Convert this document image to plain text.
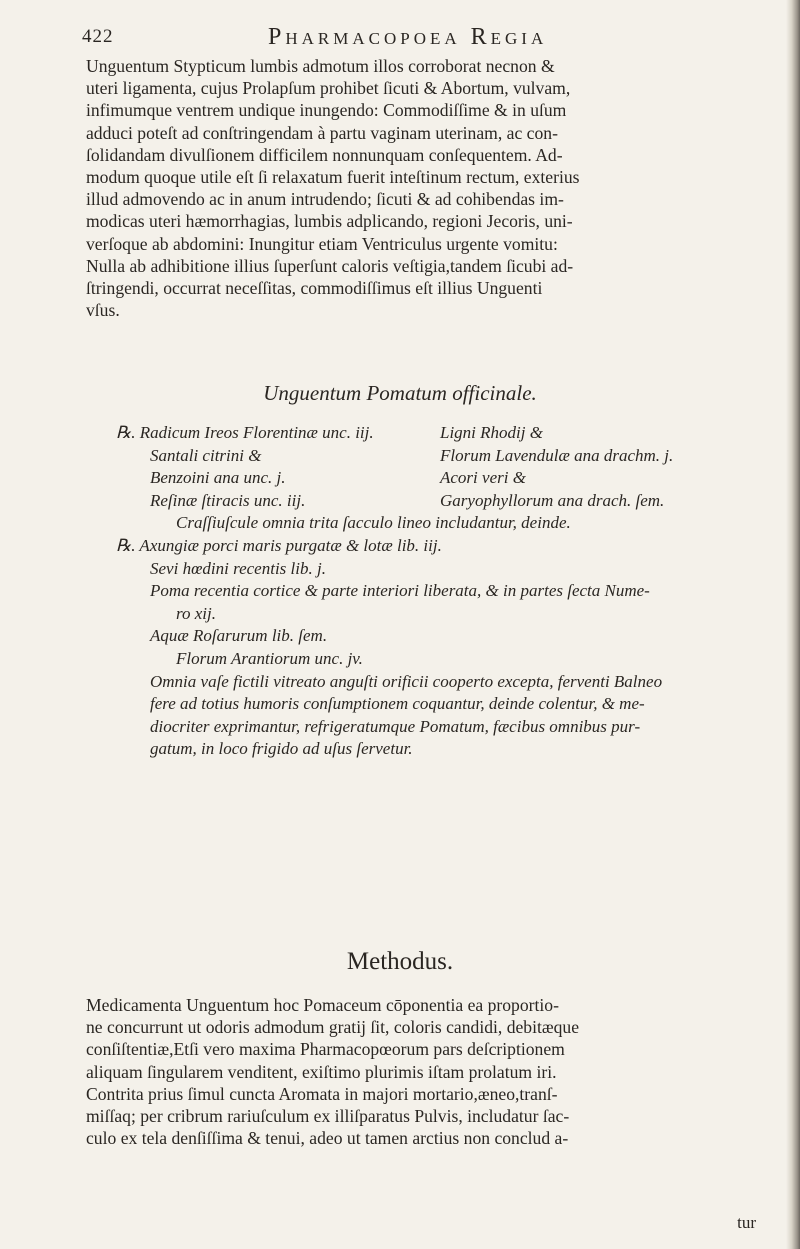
422	Pharmacopoea Regia
Unguentum Stypticum lumbis admotum illos corroborat necnon &
uteri ligamenta, cujus Prolapſum prohibet ſicuti & Abortum, vulvam,
infimumque ventrem undique inungendo: Commodiſſime & in uſum
adduci poteſt ad conſtringendam à partu vaginam uterinam, ac con-
ſolidandam divulſionem difficilem nonnunquam conſequentem. Ad-
modum quoque utile eſt ſi relaxatum fuerit inteſtinum rectum, exterius
illud admovendo ac in anum intrudendo; ſicuti & ad cohibendas im-
modicas uteri hæmorrhagias, lumbis adplicando, regioni Jecoris, uni-
verſoque ab abdomini: Inungitur etiam Ventriculus urgente vomitu:
Nulla ab adhibitione illius ſuperſunt caloris veſtigia,tandem ſicubi ad-
ſtringendi, occurrat neceſſitas, commodiſſimus eſt illius Unguenti
vſus.
Unguentum Pomatum officinale.
℞. Radicum Ireos Florentinæ unc. iij.	Ligni Rhodij &
Santali citrini &	Florum Lavendulæ ana drachm. j.
Benzoini ana unc. j.	Acori veri &
Reſinæ ſtiracis unc. iij.	Garyophyllorum ana drach. ſem.
Craſſiuſcule omnia trita ſacculo lineo includantur, deinde.
℞. Axungiæ porci maris purgatæ & lotæ lib. iij.
Sevi hœdini recentis lib. j.
Poma recentia cortice & parte interiori liberata, & in partes ſecta Nume-
ro xij.
Aquæ Roſarurum lib. ſem.
Florum Arantiorum unc. jv.
Omnia vaſe fictili vitreato anguſti orificii cooperto excepta, ferventi Balneo
fere ad totius humoris conſumptionem coquantur, deinde colentur, & me-
diocriter exprimantur, refrigeratumque Pomatum, fæcibus omnibus pur-
gatum, in loco frigido ad uſus ſervetur.
Methodus.
Medicamenta Unguentum hoc Pomaceum cōponentia ea proportio-
ne concurrunt ut odoris admodum gratij ſit, coloris candidi, debitæque
conſiſtentiæ,Etſi vero maxima Pharmacopœorum pars deſcriptionem
aliquam ſingularem venditent, exiſtimo plurimis iſtam prolatum iri.
Contrita prius ſimul cuncta Aromata in majori mortario,æneo,tranſ-
miſſaq; per cribrum rariuſculum ex illiſparatus Pulvis, includatur ſac-
culo ex tela denſiſſima & tenui, adeo ut tamen arctius non conclud a-
tur
